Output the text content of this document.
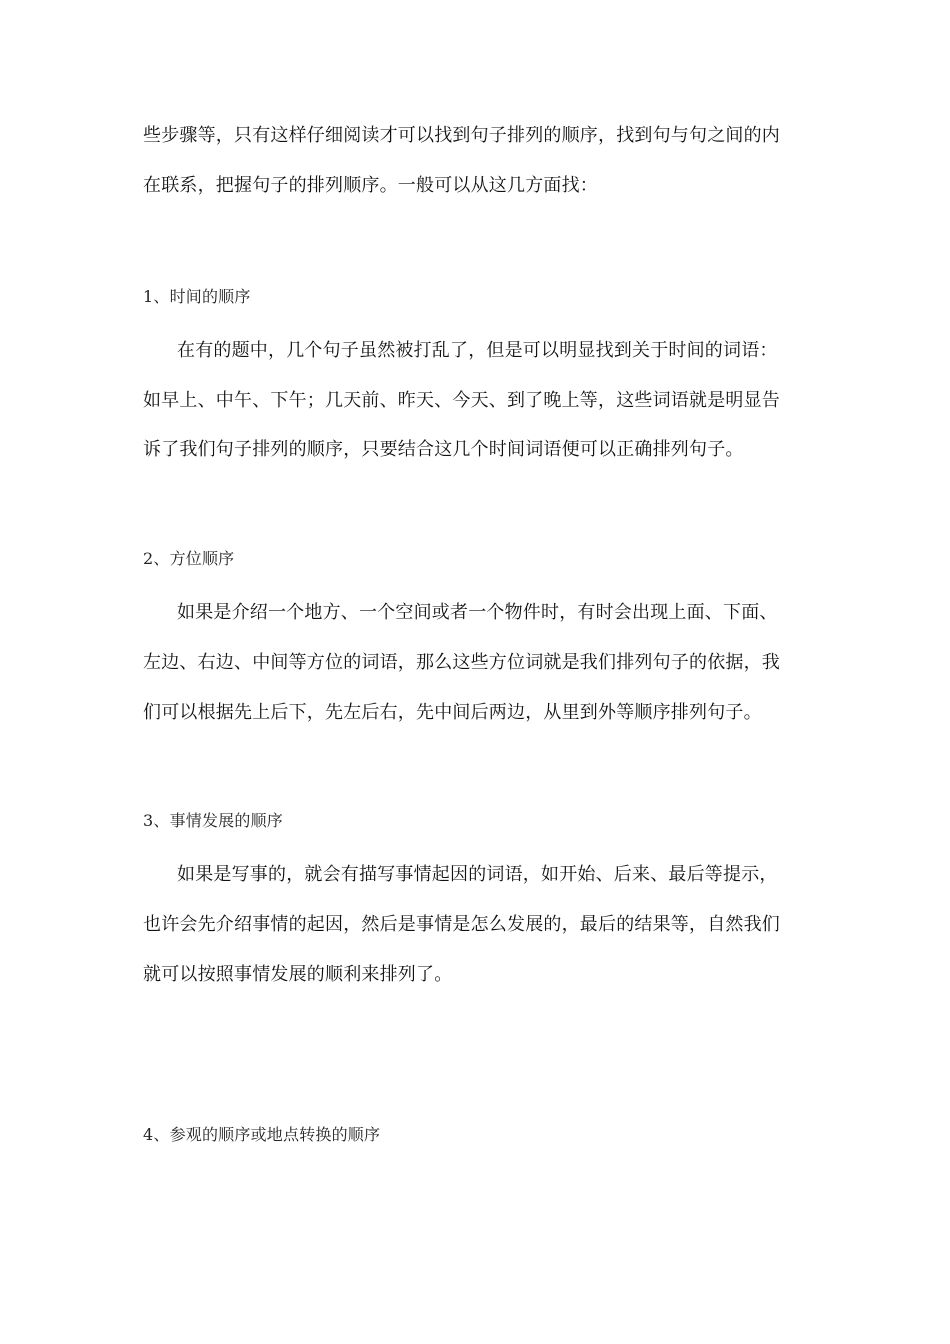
些步骤等，只有这样仔细阅读才可以找到句子排列的顺序，找到句与句之间的内
在联系，把握句子的排列顺序。一般可以从这几方面找：
1、时间的顺序
在有的题中，几个句子虽然被打乱了，但是可以明显找到关于时间的词语：
如早上、中午、下午；几天前、昨天、今天、到了晚上等，这些词语就是明显告
诉了我们句子排列的顺序，只要结合这几个时间词语便可以正确排列句子。
2、方位顺序
如果是介绍一个地方、一个空间或者一个物件时，有时会出现上面、下面、
左边、右边、中间等方位的词语，那么这些方位词就是我们排列句子的依据，我
们可以根据先上后下，先左后右，先中间后两边，从里到外等顺序排列句子。
3、事情发展的顺序
如果是写事的，就会有描写事情起因的词语，如开始、后来、最后等提示，
也许会先介绍事情的起因，然后是事情是怎么发展的，最后的结果等，自然我们
就可以按照事情发展的顺利来排列了。
4、参观的顺序或地点转换的顺序
